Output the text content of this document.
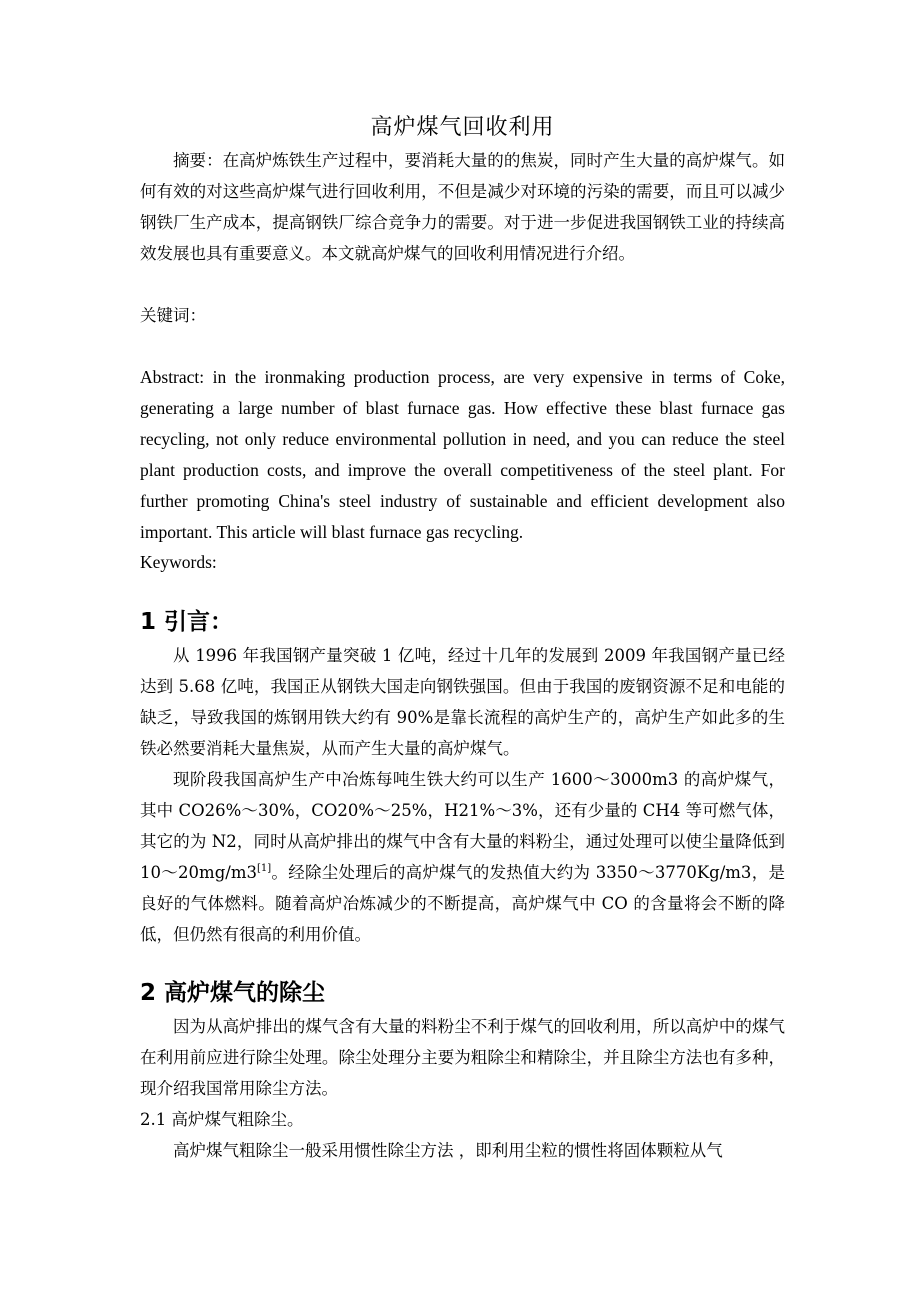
高炉煤气回收利用

摘要：在高炉炼铁生产过程中，要消耗大量的的焦炭，同时产生大量的高炉煤气。如何有效的对这些高炉煤气进行回收利用，不但是减少对环境的污染的需要，而且可以减少钢铁厂生产成本，提高钢铁厂综合竞争力的需要。对于进一步促进我国钢铁工业的持续高效发展也具有重要意义。本文就高炉煤气的回收利用情况进行介绍。

关键词：

Abstract: in the ironmaking production process, are very expensive in terms of Coke, generating a large number of blast furnace gas. How effective these blast furnace gas recycling, not only reduce environmental pollution in need, and you can reduce the steel plant production costs, and improve the overall competitiveness of the steel plant. For further promoting China's steel industry of sustainable and efficient development also important. This article will blast furnace gas recycling.

Keywords:

1 引言：

从 1996 年我国钢产量突破 1 亿吨，经过十几年的发展到 2009 年我国钢产量已经达到 5.68 亿吨，我国正从钢铁大国走向钢铁强国。但由于我国的废钢资源不足和电能的缺乏，导致我国的炼钢用铁大约有 90%是靠长流程的高炉生产的，高炉生产如此多的生铁必然要消耗大量焦炭，从而产生大量的高炉煤气。

现阶段我国高炉生产中冶炼每吨生铁大约可以生产 1600～3000m3 的高炉煤气，其中 CO26%～30%，CO20%～25%，H21%～3%，还有少量的 CH4 等可燃气体，其它的为 N2，同时从高炉排出的煤气中含有大量的料粉尘，通过处理可以使尘量降低到 10～20mg/m3[1]。经除尘处理后的高炉煤气的发热值大约为 3350～3770Kg/m3，是良好的气体燃料。随着高炉冶炼减少的不断提高，高炉煤气中 CO 的含量将会不断的降低，但仍然有很高的利用价值。

2 高炉煤气的除尘

因为从高炉排出的煤气含有大量的料粉尘不利于煤气的回收利用，所以高炉中的煤气在利用前应进行除尘处理。除尘处理分主要为粗除尘和精除尘，并且除尘方法也有多种，现介绍我国常用除尘方法。

2.1 高炉煤气粗除尘。

高炉煤气粗除尘一般采用惯性除尘方法 ，即利用尘粒的惯性将固体颗粒从气
